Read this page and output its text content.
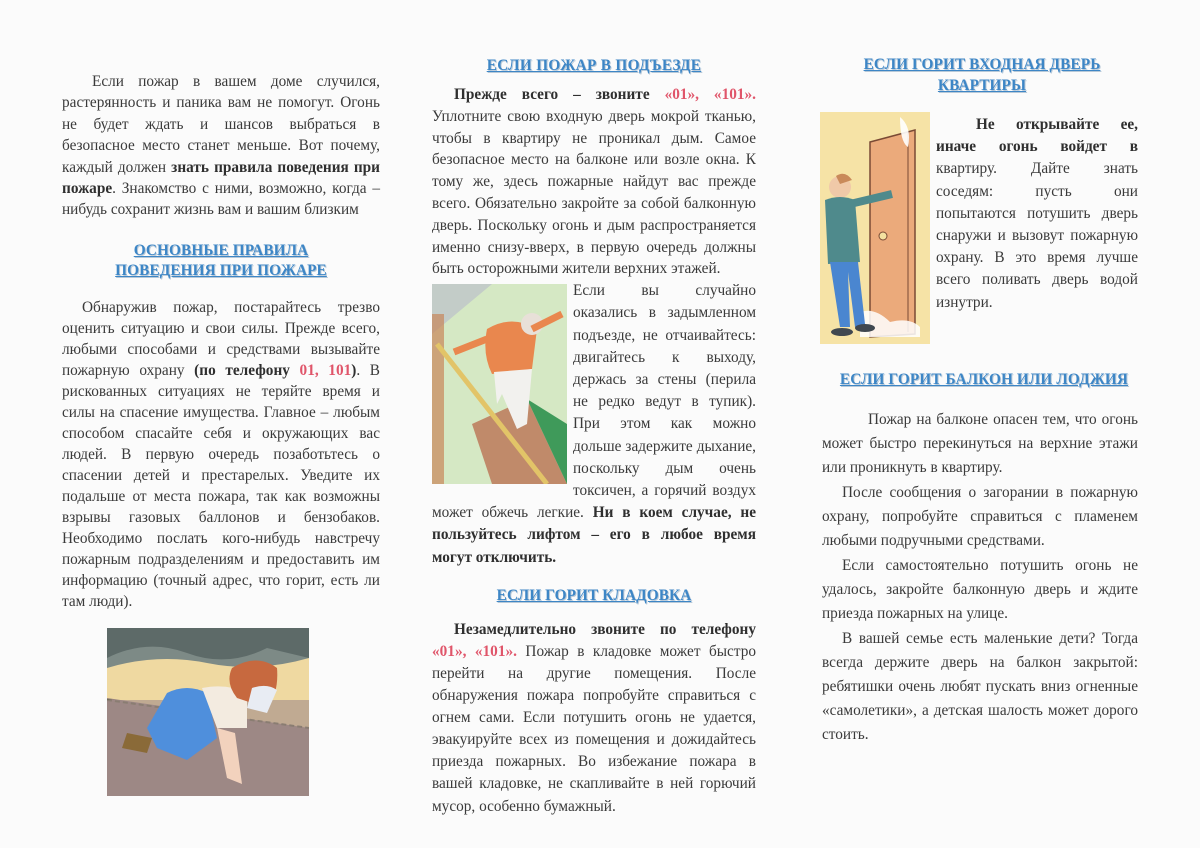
Если пожар в вашем доме случился, растерянность и паника вам не помогут. Огонь не будет ждать и шансов выбраться в безопасное место станет меньше. Вот почему, каждый должен знать правила поведения при пожаре. Знакомство с ними, возможно, когда – нибудь сохранит жизнь вам и вашим близким

ОСНОВНЫЕ ПРАВИЛА
ПОВЕДЕНИЯ ПРИ ПОЖАРЕ

Обнаружив пожар, постарайтесь трезво оценить ситуацию и свои силы. Прежде всего, любыми способами и средствами вызывайте пожарную охрану (по телефону 01, 101). В рискованных ситуациях не теряйте время и силы на спасение имущества. Главное – любым способом спасайте себя и окружающих вас людей. В первую очередь позаботьтесь о спасении детей и престарелых. Уведите их подальше от места пожара, так как возможны взрывы газовых баллонов и бензобаков. Необходимо послать кого-нибудь навстречу пожарным подразделениям и предоставить им информацию (точный адрес, что горит, есть ли там люди).

ЕСЛИ ПОЖАР В ПОДЪЕЗДЕ

Прежде всего – звоните «01», «101». Уплотните свою входную дверь мокрой тканью, чтобы в квартиру не проникал дым. Самое безопасное место на балконе или возле окна. К тому же, здесь пожарные найдут вас прежде всего. Обязательно закройте за собой балконную дверь. Поскольку огонь и дым распространяется именно снизу-вверх, в первую очередь должны быть осторожными жители верхних этажей.

Если вы случайно оказались в задымленном подъезде, не отчаивайтесь: двигайтесь к выходу, держась за стены (перила не редко ведут в тупик). При этом как можно дольше задержите дыхание, поскольку дым очень токсичен, а горячий воздух может обжечь легкие. Ни в коем случае, не пользуйтесь лифтом – его в любое время могут отключить.

ЕСЛИ ГОРИТ КЛАДОВКА

Незамедлительно звоните по телефону «01», «101». Пожар в кладовке может быстро перейти на другие помещения. После обнаружения пожара попробуйте справиться с огнем сами. Если потушить огонь не удается, эвакуируйте всех из помещения и дожидайтесь приезда пожарных. Во избежание пожара в вашей кладовке, не скапливайте в ней горючий мусор, особенно бумажный.

ЕСЛИ ГОРИТ ВХОДНАЯ ДВЕРЬ
КВАРТИРЫ

Не открывайте ее, иначе огонь войдет в квартиру. Дайте знать соседям: пусть они попытаются потушить дверь снаружи и вызовут пожарную охрану. В это время лучше всего поливать дверь водой изнутри.

ЕСЛИ ГОРИТ БАЛКОН ИЛИ ЛОДЖИЯ

Пожар на балконе опасен тем, что огонь может быстро перекинуться на верхние этажи или проникнуть в квартиру.

После сообщения о загорании в пожарную охрану, попробуйте справиться с пламенем любыми подручными средствами.

Если самостоятельно потушить огонь не удалось, закройте балконную дверь и ждите приезда пожарных на улице.

В вашей семье есть маленькие дети? Тогда всегда держите дверь на балкон закрытой: ребятишки очень любят пускать вниз огненные «самолетики», а детская шалость может дорого стоить.
